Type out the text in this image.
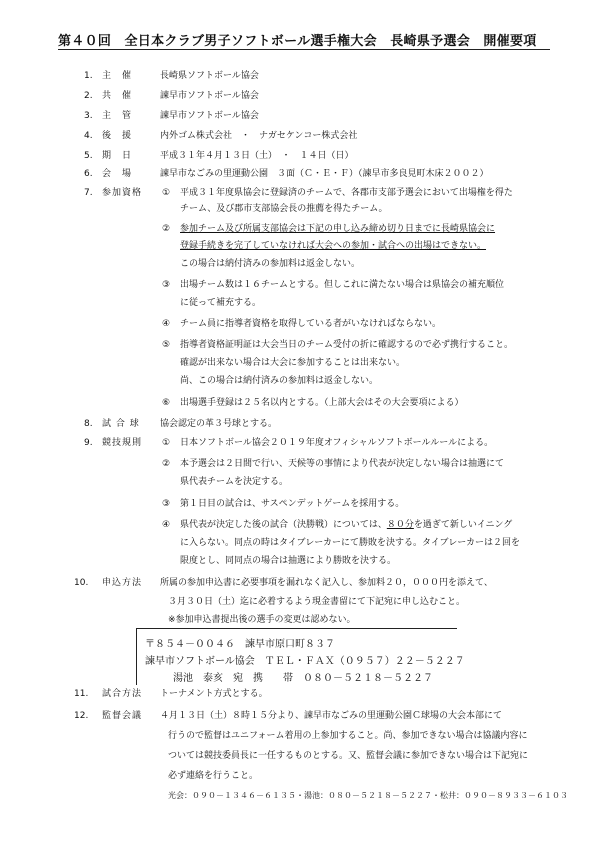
第４０回　全日本クラブ男子ソフトボール選手権大会　長崎県予選会　開催要項
1.	主　催	長崎県ソフトボール協会
2.	共　催	諫早市ソフトボール協会
3.	主　管	諫早市ソフトボール協会
4.	後　援	内外ゴム株式会社　・　ナガセケンコー株式会社
5.	期　日	平成３１年４月１３日（土）　・　１４日（日）
6.	会　場	諫早市なごみの里運動公園　３面（Ｃ・Ｅ・Ｆ）（諫早市多良見町木床２００２）
7.	参加資格 ① 平成３１年度県協会に登録済のチームで、各郡市支部予選会において出場権を得た
チーム、及び郡市支部協会長の推薦を得たチーム。
② 参加チーム及び所属支部協会は下記の申し込み締め切り日までに長崎県協会に
登録手続きを完了していなければ大会への参加・試合への出場はできない。
この場合は納付済みの参加料は返金しない。
③ 出場チーム数は１６チームとする。但しこれに満たない場合は県協会の補充順位
に従って補充する。
④ チーム員に指導者資格を取得している者がいなければならない。
⑤ 指導者資格証明証は大会当日のチーム受付の折に確認するので必ず携行すること。
確認が出来ない場合は大会に参加することは出来ない。
尚、この場合は納付済みの参加料は返金しない。
⑥ 出場選手登録は２５名以内とする。（上部大会はその大会要項による）
8.	試 合 球 協会認定の革３号球とする。
9.	競技規則 ① 日本ソフトボール協会２０１９年度オフィシャルソフトボールルールによる。
② 本予選会は２日間で行い、天候等の事情により代表が決定しない場合は抽選にて
県代表チームを決定する。
③ 第１日目の試合は、サスペンデットゲームを採用する。
④ 県代表が決定した後の試合（決勝戦）については、８０分を過ぎて新しいイニング
に入らない。同点の時はタイブレーカーにて勝敗を決する。タイブレーカーは２回を
限度とし、同同点の場合は抽選により勝敗を決する。
10.	申込方法 所属の参加申込書に必要事項を漏れなく記入し、参加料２０，０００円を添えて、
３月３０日（土）迄に必着するよう現金書留にて下記宛に申し込むこと。
※参加申込書提出後の選手の変更は認めない。
〒８５４－００４６　諫早市原口町８３７
諫早市ソフトボール協会　ＴＥＬ・ＦＡＸ（０９５７）２２－５２２７
湯池　泰亥　宛　携　　帯　０８０－５２１８－５２２７
11.	試合方法 トーナメント方式とする。
12.	監督会議 ４月１３日（土）８時１５分より、諫早市なごみの里運動公園Ｃ球場の大会本部にて
行うので監督はユニフォーム着用の上参加すること。尚、参加できない場合は協議内容に
ついては競技委員長に一任するものとする。又、監督会議に参加できない場合は下記宛に
必ず連絡を行うこと。
光会：０９０－１３４６－６１３５・湯池：０８０－５２１８－５２２７・松井：０９０－８９３３－６１０３
